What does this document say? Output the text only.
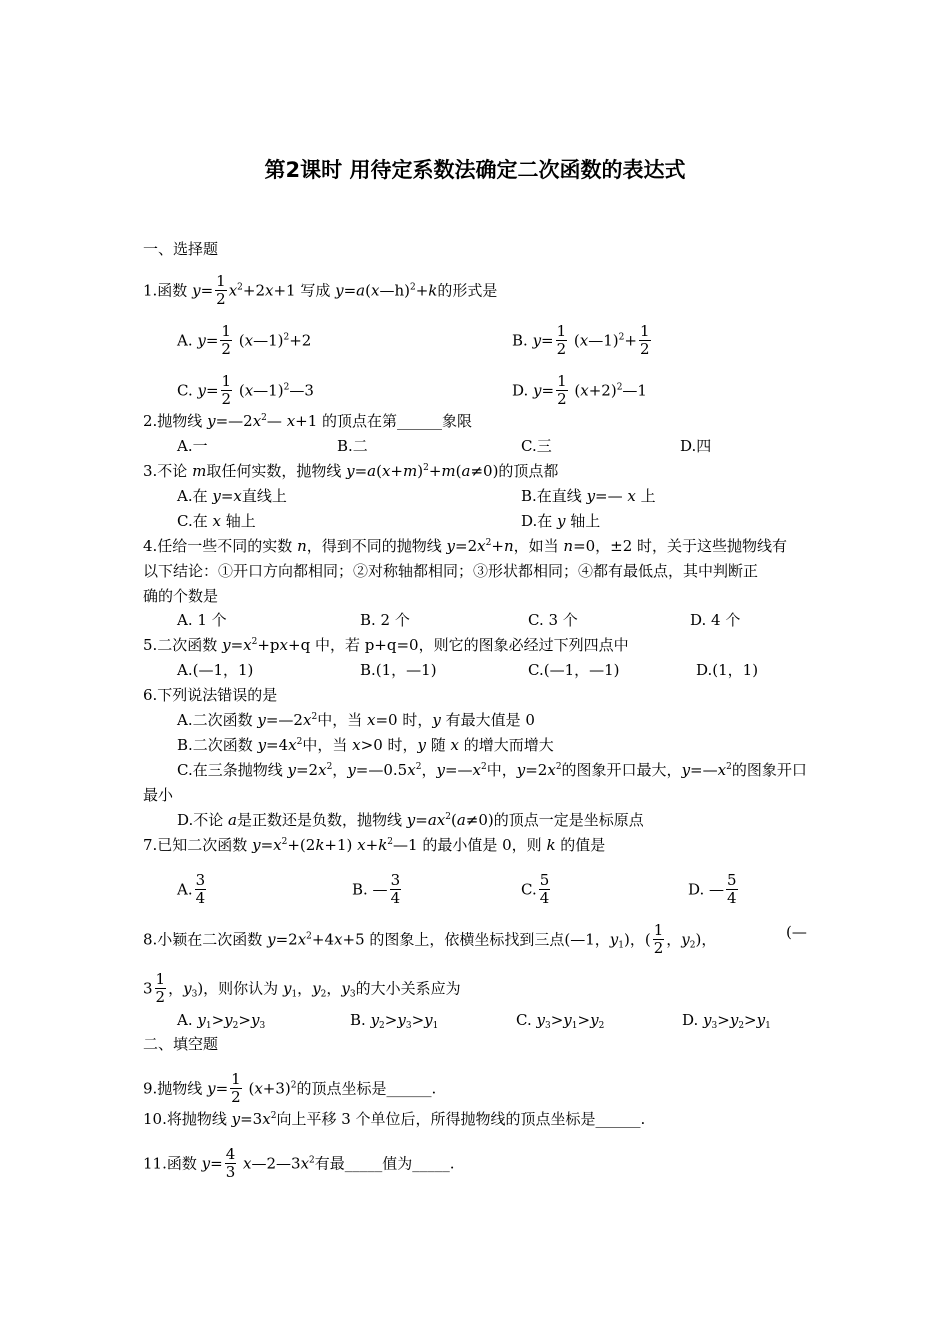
第2课时 用待定系数法确定二次函数的表达式
一、选择题
1.函数 $y= \frac{1}{2} x^2+2x+1$ 写成 y=a(x—h)$^2$+k的形式是
A. $y= \frac{1}{2}$ (x—1)$^2$+2	B. $y= \frac{1}{2}$ (x—1)$^2$+ $\frac{1}{2}$
C. $y= \frac{1}{2}$ (x—1)$^2$—3	D. $y= \frac{1}{2}$ $(x+2)^2—1$
2.抛物线 $y=—2x^2—$ x+1 的顶点在第______象限
A.一	B.二	C.三	D.四
3.不论 m取任何实数，抛物线 $y=a(x+m)^2+m(a\ne 0)$的顶点都
A.在 y=x直线上	B.在直线 y=— x 上
C.在 x 轴上	D.在 y 轴上
4.任给一些不同的实数 n，得到不同的抛物线 $y=2x^2+n$，如当 n=0，±2 时，关于这些抛物线有
以下结论：①开口方向都相同；②对称轴都相同；③形状都相同；④都有最低点，其中判断正
确的个数是
A. 1 个	B. 2 个	C. 3 个	D. 4 个
5.二次函数 $y=x^2+px+q$ 中，若 p+q=0，则它的图象必经过下列四点中
A.(—1，1)	B.(1，—1)	C.(—1，—1)	D.(1，1)
6.下列说法错误的是
A.二次函数 $y=—2x^2$中，当 x=0 时，y 有最大值是 0
B.二次函数 $y=4x^2$中，当 x>0 时，y 随 x 的增大而增大
C.在三条抛物线 $y=2x^2$，$y=—0.5x^2$，$y=—x^2$中，$y=2x^2$的图象开口最大，$y=—x^2$的图象开口
最小
D.不论 a是正数还是负数，抛物线 $y=ax^2(a\ne 0)$的顶点一定是坐标原点
7.已知二次函数 $y=x^2+(2k+1)$ $x+k^2—1$ 的最小值是 0，则 k 的值是
A. $\frac{3}{4}$	B. — $\frac{3}{4}$	C. $\frac{5}{4}$	D. — $\frac{5}{4}$
8.小颖在二次函数 $y=2x^2+4x+5$ 的图象上，依横坐标找到三点(—1，$y_1$)，( $\frac{1}{2}$ ，$y_2$)，	(—
$3 \frac{1}{2}$ ，$y_3$)，则你认为 $y_1$，$y_2$，$y_3$的大小关系应为
A. $y_1>y_2>y_3$	B. $y_2>y_3>y_1$	C. $y_3>y_1>y_2$	D. $y_3>y_2>y_1$
二、填空题
9.抛物线 $y= \frac{1}{2} (x+3)^2$的顶点坐标是______.
10.将抛物线 $y=3x^2$向上平移 3 个单位后，所得抛物线的顶点坐标是______.
11.函数 $y= \frac{4}{3}$ $x—2—3x^2$有最_____值为_____.
